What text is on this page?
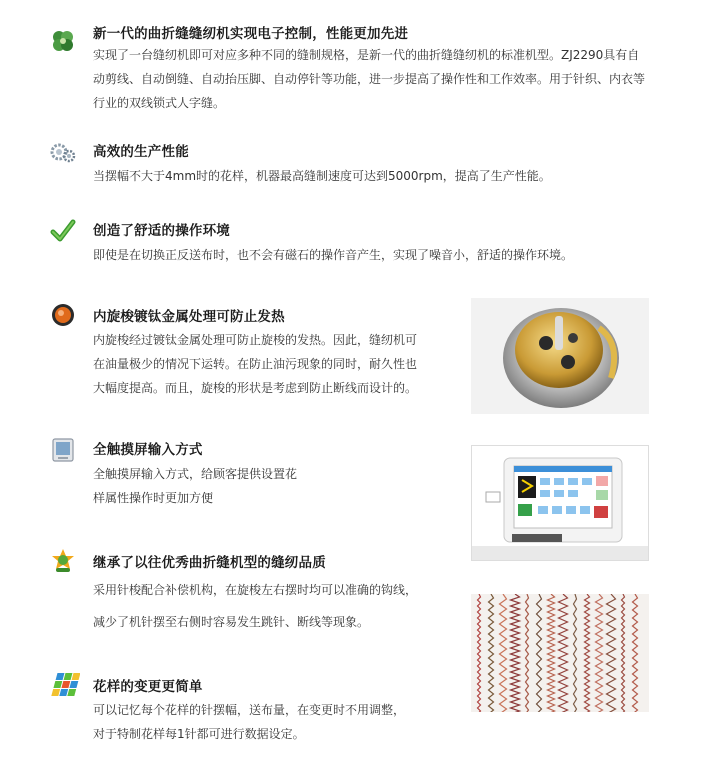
新一代的曲折缝缝纫机实现电子控制，性能更加先进
实现了一台缝纫机即可对应多种不同的缝制规格，是新一代的曲折缝缝纫机的标准机型。ZJ2290具有自
动剪线、自动倒缝、自动抬压脚、自动停针等功能，进一步提高了操作性和工作效率。用于针织、内衣等
行业的双线锁式人字缝。
高效的生产性能
当摆幅不大于4mm时的花样，机器最高缝制速度可达到5000rpm，提高了生产性能。
创造了舒适的操作环境
即使是在切换正反送布时，也不会有磁石的操作音产生，实现了噪音小，舒适的操作环境。
内旋梭镀钛金属处理可防止发热
内旋梭经过镀钛金属处理可防止旋梭的发热。因此，缝纫机可
在油量极少的情况下运转。在防止油污现象的同时，耐久性也
大幅度提高。而且，旋梭的形状是考虑到防止断线而设计的。
全触摸屏输入方式
全触摸屏输入方式，给顾客提供设置花
样属性操作时更加方便
继承了以往优秀曲折缝机型的缝纫品质
采用针梭配合补偿机构，在旋梭左右摆时均可以准确的钩线，
减少了机针摆至右侧时容易发生跳针、断线等现象。
花样的变更更简单
可以记忆每个花样的针摆幅，送布量，在变更时不用调整，
对于特制花样每1针都可进行数据设定。
